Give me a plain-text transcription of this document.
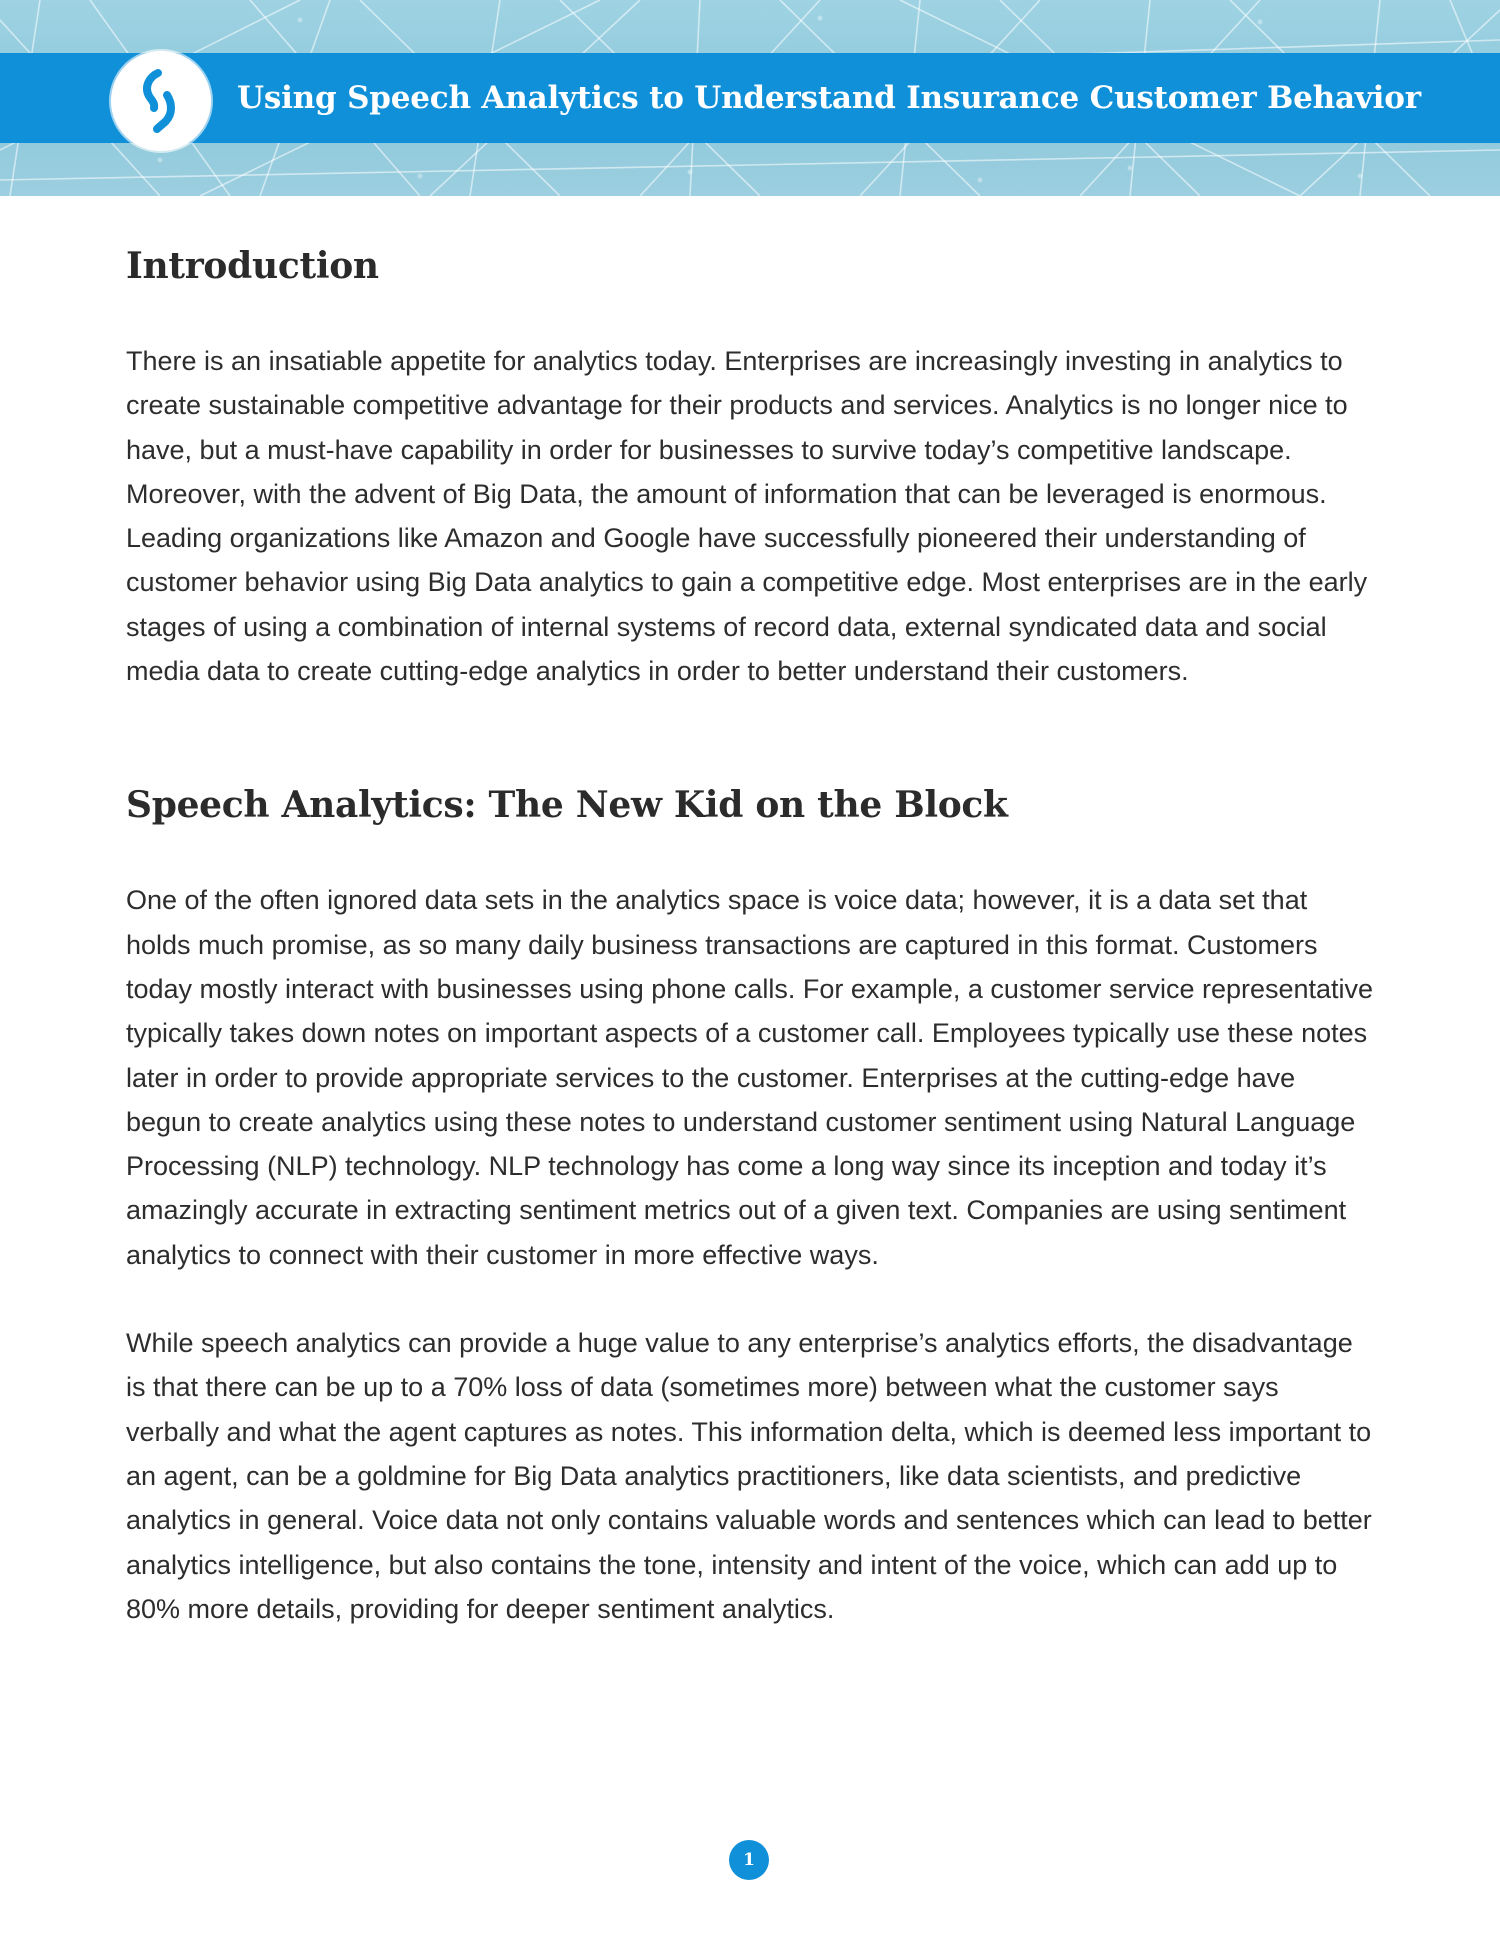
Using Speech Analytics to Understand Insurance Customer Behavior
Introduction

There is an insatiable appetite for analytics today. Enterprises are increasingly investing in analytics to create sustainable competitive advantage for their products and services. Analytics is no longer nice to have, but a must-have capability in order for businesses to survive today’s competitive landscape. Moreover, with the advent of Big Data, the amount of information that can be leveraged is enormous. Leading organizations like Amazon and Google have successfully pioneered their understanding of customer behavior using Big Data analytics to gain a competitive edge. Most enterprises are in the early stages of using a combination of internal systems of record data, external syndicated data and social media data to create cutting-edge analytics in order to better understand their customers.

Speech Analytics: The New Kid on the Block

One of the often ignored data sets in the analytics space is voice data; however, it is a data set that holds much promise, as so many daily business transactions are captured in this format. Customers today mostly interact with businesses using phone calls. For example, a customer service representative typically takes down notes on important aspects of a customer call. Employees typically use these notes later in order to provide appropriate services to the customer. Enterprises at the cutting-edge have begun to create analytics using these notes to understand customer sentiment using Natural Language Processing (NLP) technology. NLP technology has come a long way since its inception and today it’s amazingly accurate in extracting sentiment metrics out of a given text. Companies are using sentiment analytics to connect with their customer in more effective ways.

While speech analytics can provide a huge value to any enterprise’s analytics efforts, the disadvantage is that there can be up to a 70% loss of data (sometimes more) between what the customer says verbally and what the agent captures as notes. This information delta, which is deemed less important to an agent, can be a goldmine for Big Data analytics practitioners, like data scientists, and predictive analytics in general. Voice data not only contains valuable words and sentences which can lead to better analytics intelligence, but also contains the tone, intensity and intent of the voice, which can add up to 80% more details, providing for deeper sentiment analytics.

1
